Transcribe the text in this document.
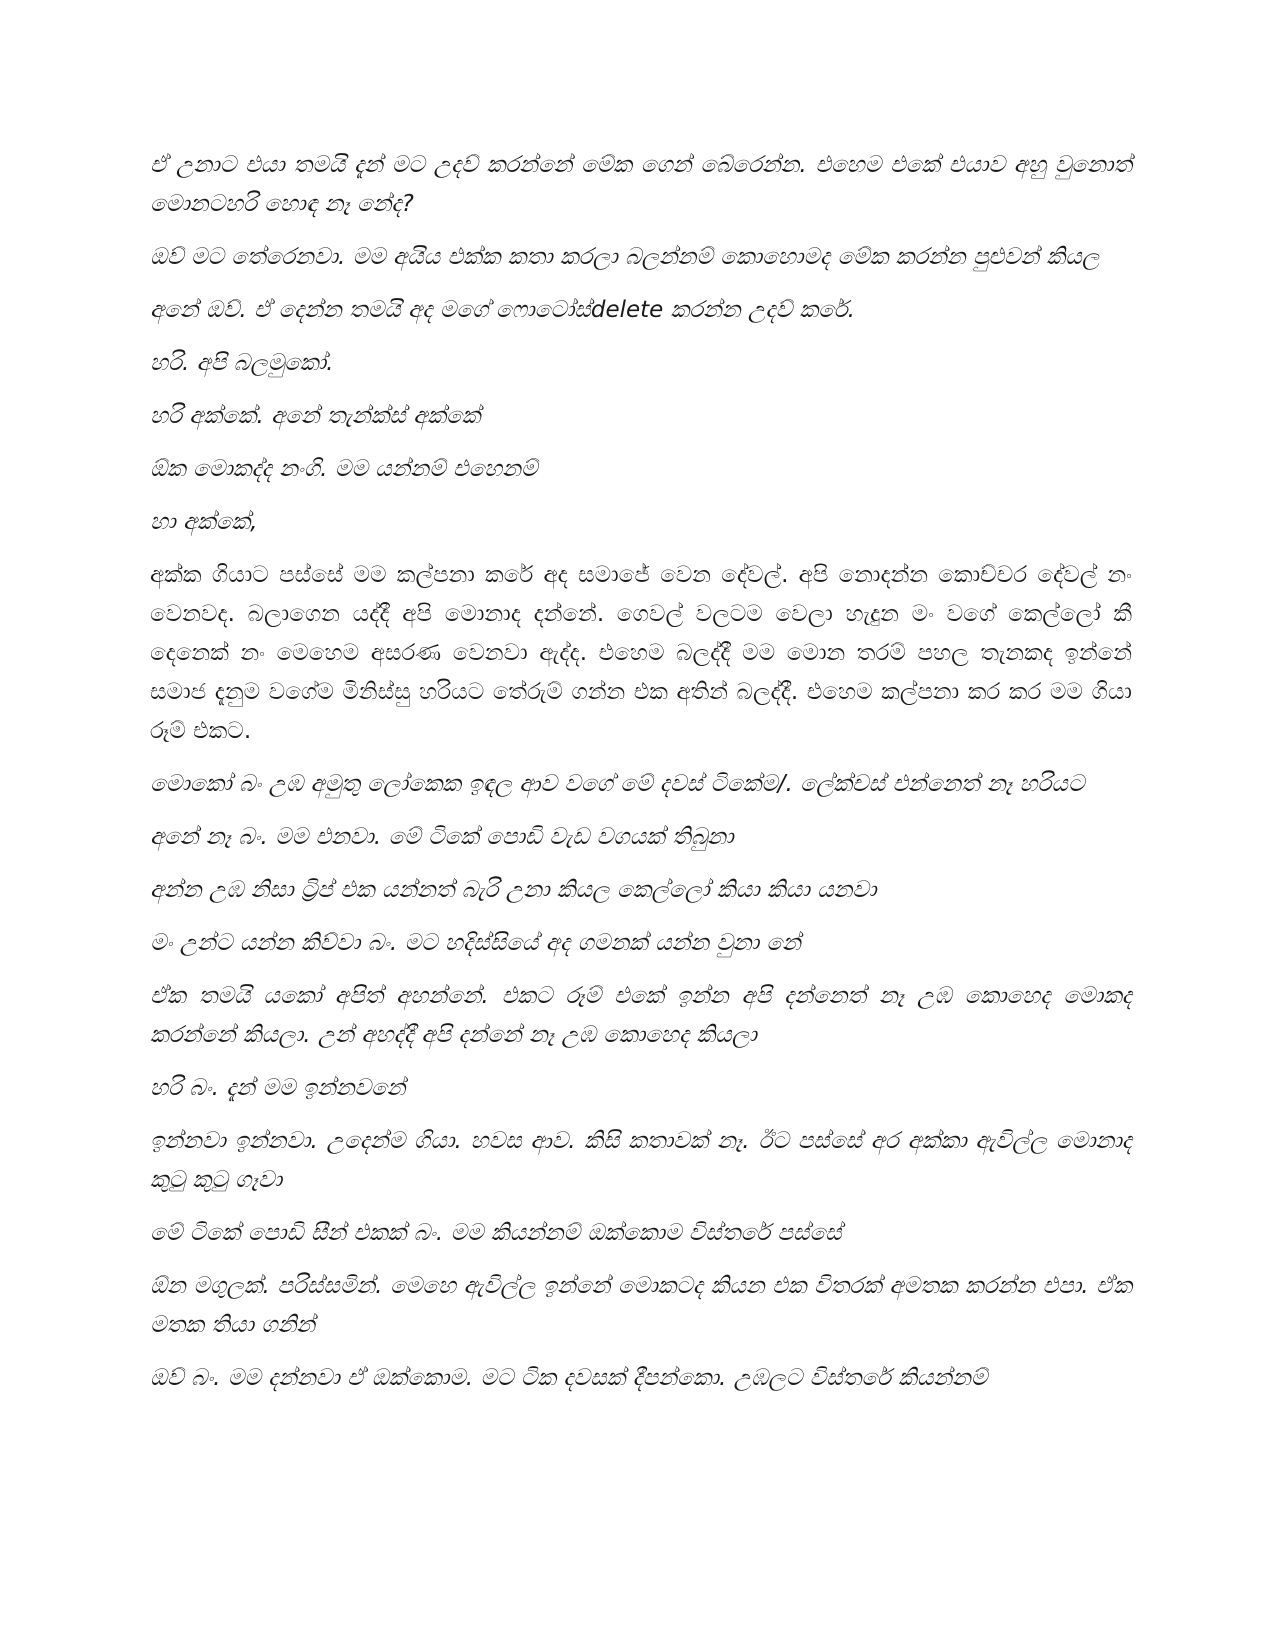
ඒ උනාට එයා තමයි දැන් මට උදව් කරන්නේ මේක ගෙන් බේරෙන්න. එහෙම එකේ එයාව අහු වුනොත් මොනටහරි හොඳ නෑ නේද?

ඔව් මට තේරෙනවා. මම අයිය එක්ක කතා කරලා බලන්නම් කොහොමද මේක කරන්න පුළුවන් කියල

අනේ ඔව්. ඒ දෙන්න තමයි අද මගේ ෆොටෝස්delete කරන්න උදව් කරේ.

හරි. අපි බලමුකෝ.

හරි අක්කේ. අනේ තැන්ක්ස් අක්කේ

ඕක මොකද්ද නංගි. මම යන්නම් එහෙනම්

හා අක්කේ,

අක්ක ගියාට පස්සේ මම කල්පනා කරේ අද සමාජේ වෙන දේවල්. අපි නොදන්න කොච්චර දේවල් නං වෙනවද. බලාගෙන යද්දී අපි මොනාද දන්නේ. ගෙවල් වලටම වෙලා හැදුන මං වගේ කෙල්ලෝ කී දෙනෙක් නං මෙහෙම අසරණ වෙනවා ඇද්ද. එහෙම බලද්දී මම මොන තරම් පහල තැනකද ඉන්නේ සමාජ දැනුම වගේම මිනිස්සු හරියට තේරුම් ගන්න එක අතින් බලද්දී. එහෙම කල්පනා කර කර මම ගියා රූම් එකට.

මොකෝ බං උඹ අමුතු ලෝකෙක ඉඳල ආව වගේ මේ දවස් ටිකේම/. ලේක්චස් එන්නෙත් නෑ හරියට

අනේ නෑ බං. මම එනවා. මේ ටිකේ පොඩි වැඩ වගයක් තිබුනා

අන්න උඹ නිසා ට්‍රිප් එක යන්නත් බැරි උනා කියල කෙල්ලෝ කියා කියා යනවා

මං උන්ට යන්න කිව්වා බං. මට හදිස්සියේ අද ගමනක් යන්න වුනා නේ

ඒක තමයි යකෝ අපිත් අහන්නේ. එකට රූම් එකේ ඉන්න අපි දන්නෙත් නෑ උඹ කොහෙද මොකද කරන්නේ කියලා. උන් අහද්දී අපි දන්නේ නෑ උඹ කොහෙද කියලා

හරි බං. දැන් මම ඉන්නවනේ

ඉන්නවා ඉන්නවා. උදෙන්ම ගියා. හවස ආව. කිසි කතාවක් නෑ. ඊට පස්සේ අර අක්කා ඇවිල්ල මොනාද කුටු කුටු ගෑවා

මේ ටිකේ පොඩි සීන් එකක් බං. මම කියන්නම් ඔක්කොම විස්තරේ පස්සේ

ඕන මගුලක්. පරිස්සමින්. මෙහෙ ඇවිල්ල ඉන්නේ මොකටද කියන එක විතරක් අමතක කරන්න එපා. ඒක මතක තියා ගනින්

ඔව් බං. මම දන්නවා ඒ ඔක්කොම. මට ටික දවසක් දීපන්කො. උඹලට විස්තරේ කියන්නම්
